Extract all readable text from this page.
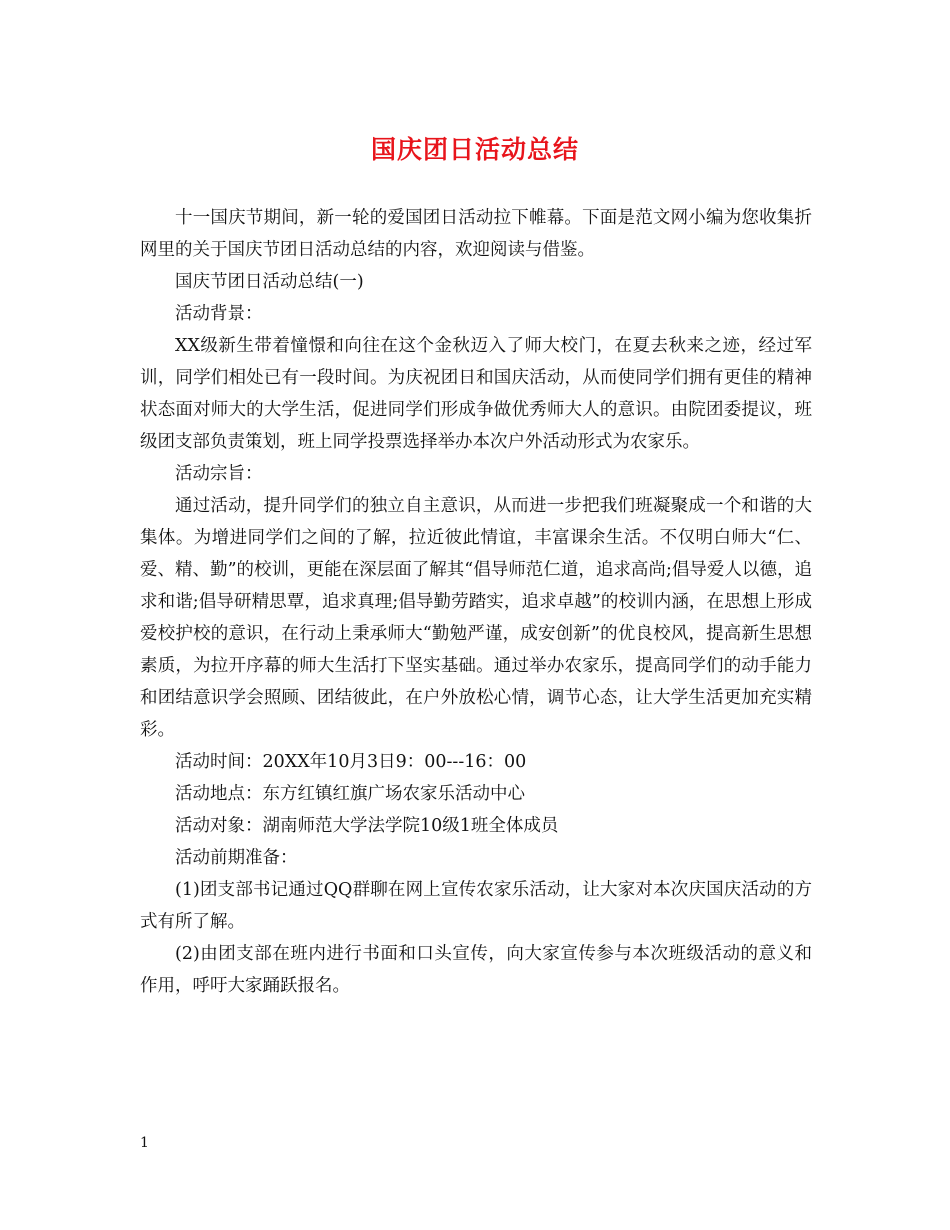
国庆团日活动总结

十一国庆节期间，新一轮的爱国团日活动拉下帷幕。下面是范文网小编为您收集折网里的关于国庆节团日活动总结的内容，欢迎阅读与借鉴。

国庆节团日活动总结(一)

活动背景：

XX级新生带着憧憬和向往在这个金秋迈入了师大校门，在夏去秋来之迹，经过军训，同学们相处已有一段时间。为庆祝团日和国庆活动，从而使同学们拥有更佳的精神状态面对师大的大学生活，促进同学们形成争做优秀师大人的意识。由院团委提议，班级团支部负责策划，班上同学投票选择举办本次户外活动形式为农家乐。

活动宗旨：

通过活动，提升同学们的独立自主意识，从而进一步把我们班凝聚成一个和谐的大集体。为增进同学们之间的了解，拉近彼此情谊，丰富课余生活。不仅明白师大“仁、爱、精、勤”的校训，更能在深层面了解其“倡导师范仁道，追求高尚;倡导爱人以德，追求和谐;倡导研精思覃，追求真理;倡导勤劳踏实，追求卓越”的校训内涵，在思想上形成爱校护校的意识，在行动上秉承师大“勤勉严谨，成安创新”的优良校风，提高新生思想素质，为拉开序幕的师大生活打下坚实基础。通过举办农家乐，提高同学们的动手能力和团结意识学会照顾、团结彼此，在户外放松心情，调节心态，让大学生活更加充实精彩。

活动时间：20XX年10月3日9：00---16：00

活动地点：东方红镇红旗广场农家乐活动中心

活动对象：湖南师范大学法学院10级1班全体成员

活动前期准备：

(1)团支部书记通过QQ群聊在网上宣传农家乐活动，让大家对本次庆国庆活动的方式有所了解。

(2)由团支部在班内进行书面和口头宣传，向大家宣传参与本次班级活动的意义和作用，呼吁大家踊跃报名。

1
